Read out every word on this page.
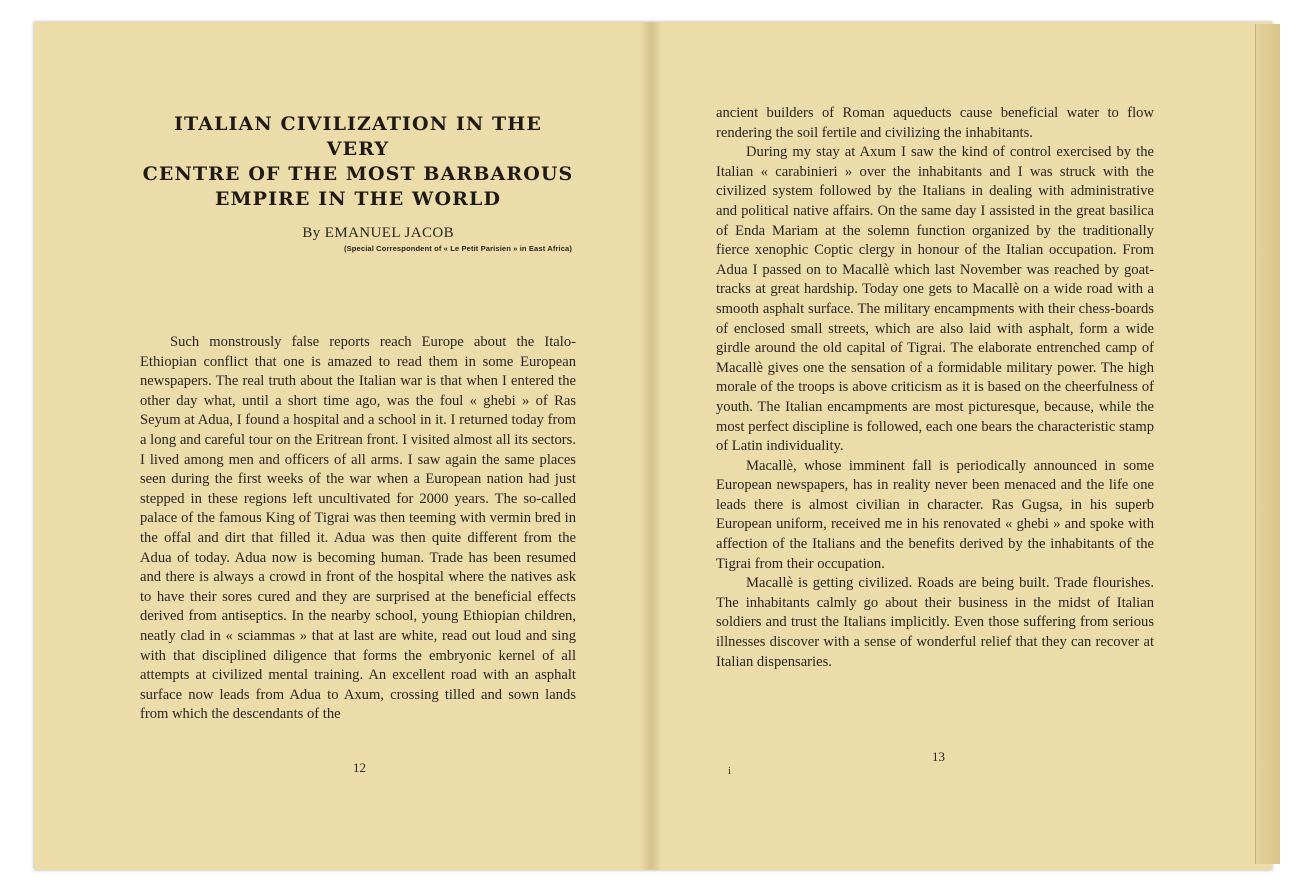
ITALIAN CIVILIZATION IN THE VERY
CENTRE OF THE MOST BARBAROUS
EMPIRE IN THE WORLD
By EMANUEL JACOB
(Special Correspondent of « Le Petit Parisien » in East Africa)

Such monstrously false reports reach Europe about the Italo-Ethiopian conflict that one is amazed to read them in some European newspapers. The real truth about the Italian war is that when I entered the other day what, until a short time ago, was the foul « ghebi » of Ras Seyum at Adua, I found a hospital and a school in it. I returned today from a long and careful tour on the Eritrean front. I visited almost all its sectors. I lived among men and officers of all arms. I saw again the same places seen during the first weeks of the war when a European nation had just stepped in these regions left uncultivated for 2000 years. The so-called palace of the famous King of Tigrai was then teeming with vermin bred in the offal and dirt that filled it. Adua was then quite different from the Adua of today. Adua now is becoming human. Trade has been resumed and there is always a crowd in front of the hospital where the natives ask to have their sores cured and they are surprised at the beneficial effects derived from antiseptics. In the nearby school, young Ethiopian children, neatly clad in « sciammas » that at last are white, read out loud and sing with that disciplined diligence that forms the embryonic kernel of all attempts at civilized mental training. An excellent road with an asphalt surface now leads from Adua to Axum, crossing tilled and sown lands from which the descendants of the

12

ancient builders of Roman aqueducts cause beneficial water to flow rendering the soil fertile and civilizing the inhabitants.

During my stay at Axum I saw the kind of control exercised by the Italian « carabinieri » over the inhabitants and I was struck with the civilized system followed by the Italians in dealing with administrative and political native affairs. On the same day I assisted in the great basilica of Enda Mariam at the solemn function organized by the traditionally fierce xenophic Coptic clergy in honour of the Italian occupation. From Adua I passed on to Macallè which last November was reached by goat-tracks at great hardship. Today one gets to Macallè on a wide road with a smooth asphalt surface. The military encampments with their chess-boards of enclosed small streets, which are also laid with asphalt, form a wide girdle around the old capital of Tigrai. The elaborate entrenched camp of Macallè gives one the sensation of a formidable military power. The high morale of the troops is above criticism as it is based on the cheerfulness of youth. The Italian encampments are most picturesque, because, while the most perfect discipline is followed, each one bears the characteristic stamp of Latin individuality.

Macallè, whose imminent fall is periodically announced in some European newspapers, has in reality never been menaced and the life one leads there is almost civilian in character. Ras Gugsa, in his superb European uniform, received me in his renovated « ghebi » and spoke with affection of the Italians and the benefits derived by the inhabitants of the Tigrai from their occupation.

Macallè is getting civilized. Roads are being built. Trade flourishes. The inhabitants calmly go about their business in the midst of Italian soldiers and trust the Italians implicitly. Even those suffering from serious illnesses discover with a sense of wonderful relief that they can recover at Italian dispensaries.

13
i
